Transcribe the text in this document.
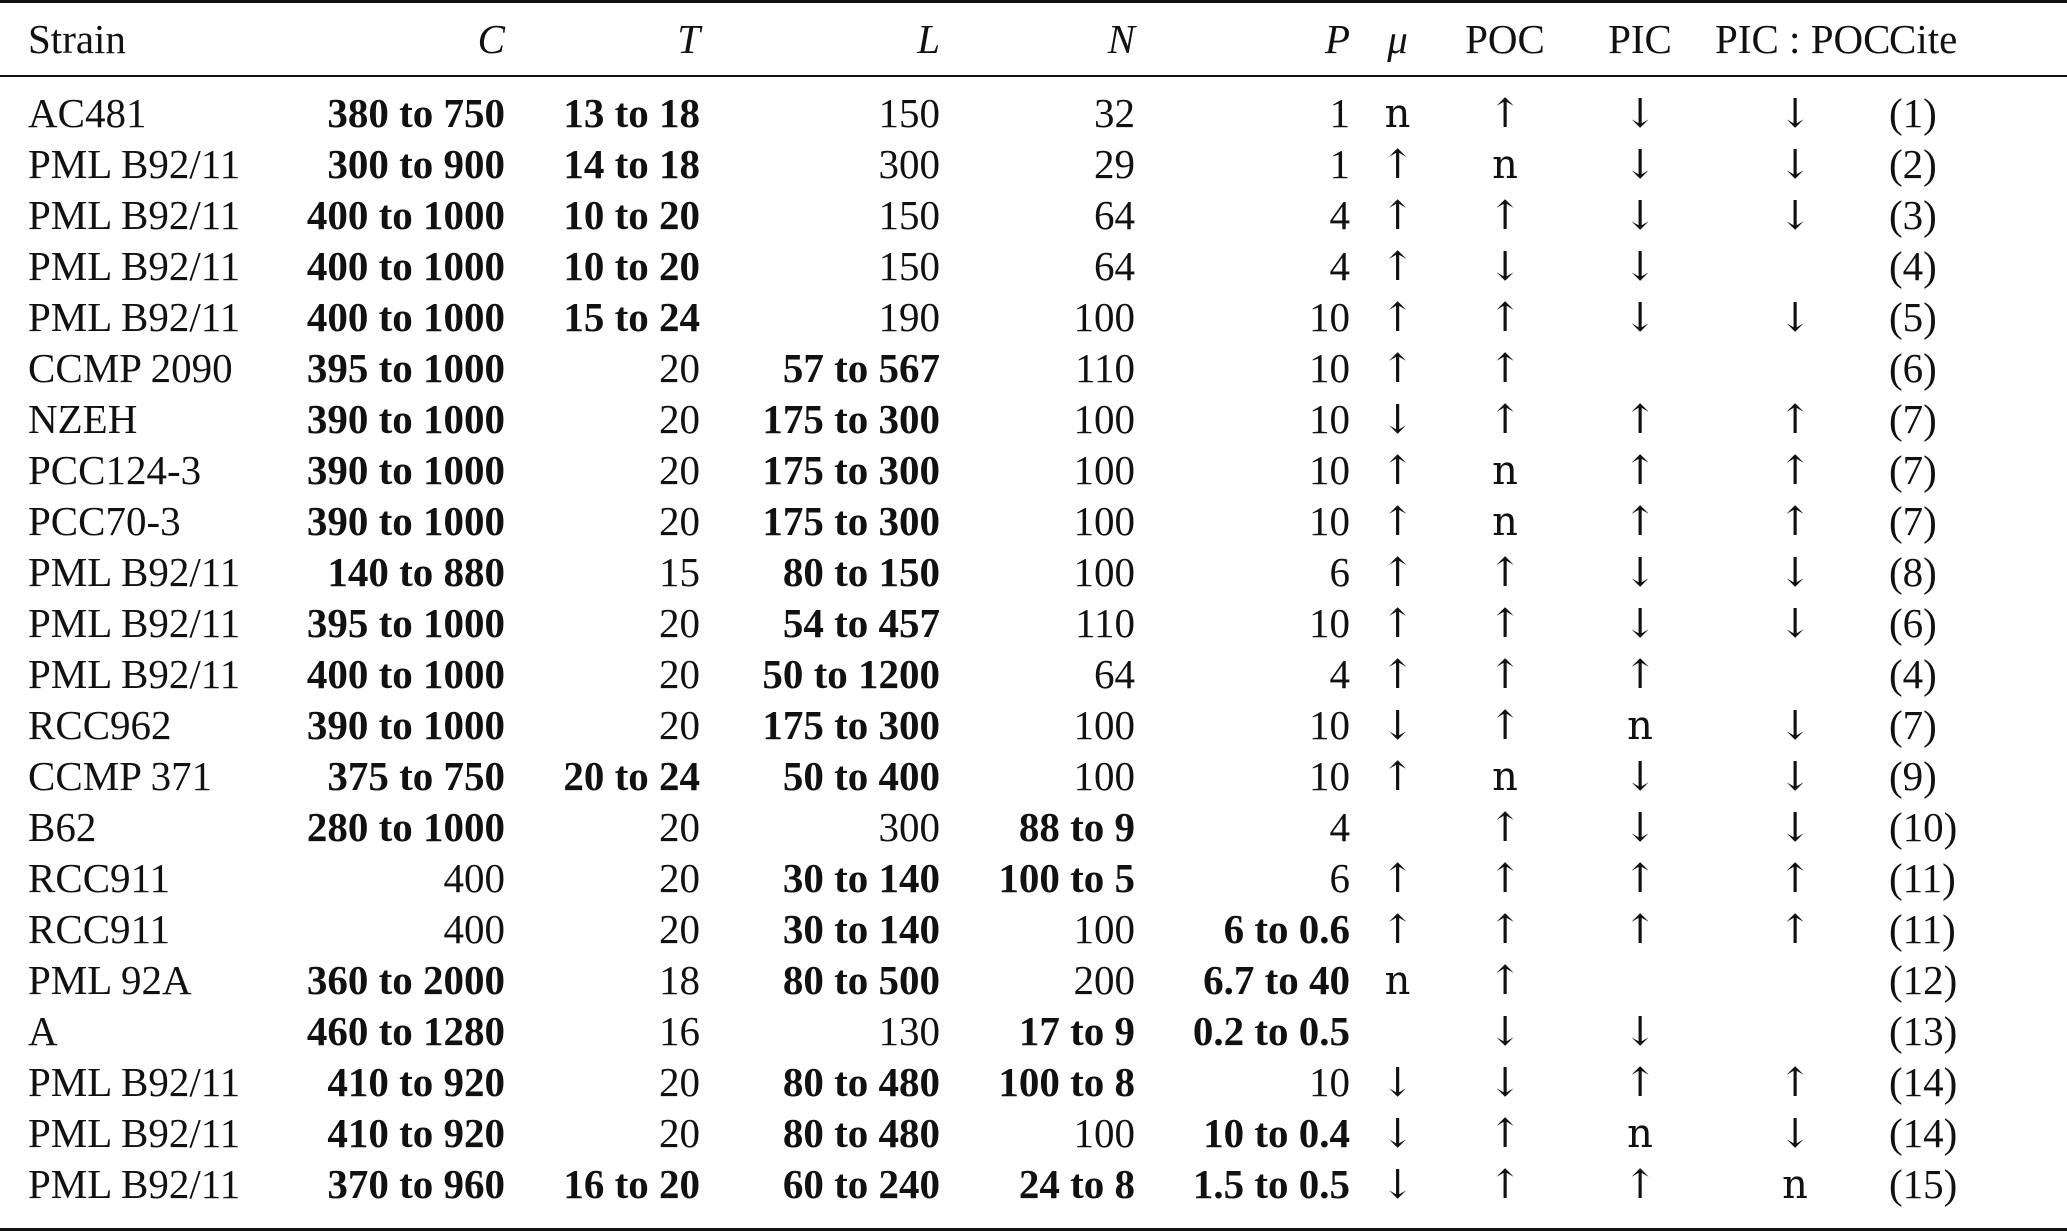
Strain	C	T	L	N	P	μ	POC	PIC	PIC : POC	Cite

AC481	380 to 750	13 to 18	150	32	1	n	↑	↓	↓	(1)
PML B92/11	300 to 900	14 to 18	300	29	1	↑	n	↓	↓	(2)
PML B92/11	400 to 1000	10 to 20	150	64	4	↑	↑	↓	↓	(3)
PML B92/11	400 to 1000	10 to 20	150	64	4	↑	↓	↓		(4)
PML B92/11	400 to 1000	15 to 24	190	100	10	↑	↑	↓	↓	(5)
CCMP 2090	395 to 1000	20	57 to 567	110	10	↑	↑			(6)
NZEH	390 to 1000	20	175 to 300	100	10	↓	↑	↑	↑	(7)
PCC124-3	390 to 1000	20	175 to 300	100	10	↑	n	↑	↑	(7)
PCC70-3	390 to 1000	20	175 to 300	100	10	↑	n	↑	↑	(7)
PML B92/11	140 to 880	15	80 to 150	100	6	↑	↑	↓	↓	(8)
PML B92/11	395 to 1000	20	54 to 457	110	10	↑	↑	↓	↓	(6)
PML B92/11	400 to 1000	20	50 to 1200	64	4	↑	↑	↑		(4)
RCC962	390 to 1000	20	175 to 300	100	10	↓	↑	n	↓	(7)
CCMP 371	375 to 750	20 to 24	50 to 400	100	10	↑	n	↓	↓	(9)
B62	280 to 1000	20	300	88 to 9	4		↑	↓	↓	(10)
RCC911	400	20	30 to 140	100 to 5	6	↑	↑	↑	↑	(11)
RCC911	400	20	30 to 140	100	6 to 0.6	↑	↑	↑	↑	(11)
PML 92A	360 to 2000	18	80 to 500	200	6.7 to 40	n	↑			(12)
A	460 to 1280	16	130	17 to 9	0.2 to 0.5		↓	↓		(13)
PML B92/11	410 to 920	20	80 to 480	100 to 8	10	↓	↓	↑	↑	(14)
PML B92/11	410 to 920	20	80 to 480	100	10 to 0.4	↓	↑	n	↓	(14)
PML B92/11	370 to 960	16 to 20	60 to 240	24 to 8	1.5 to 0.5	↓	↑	↑	n	(15)
